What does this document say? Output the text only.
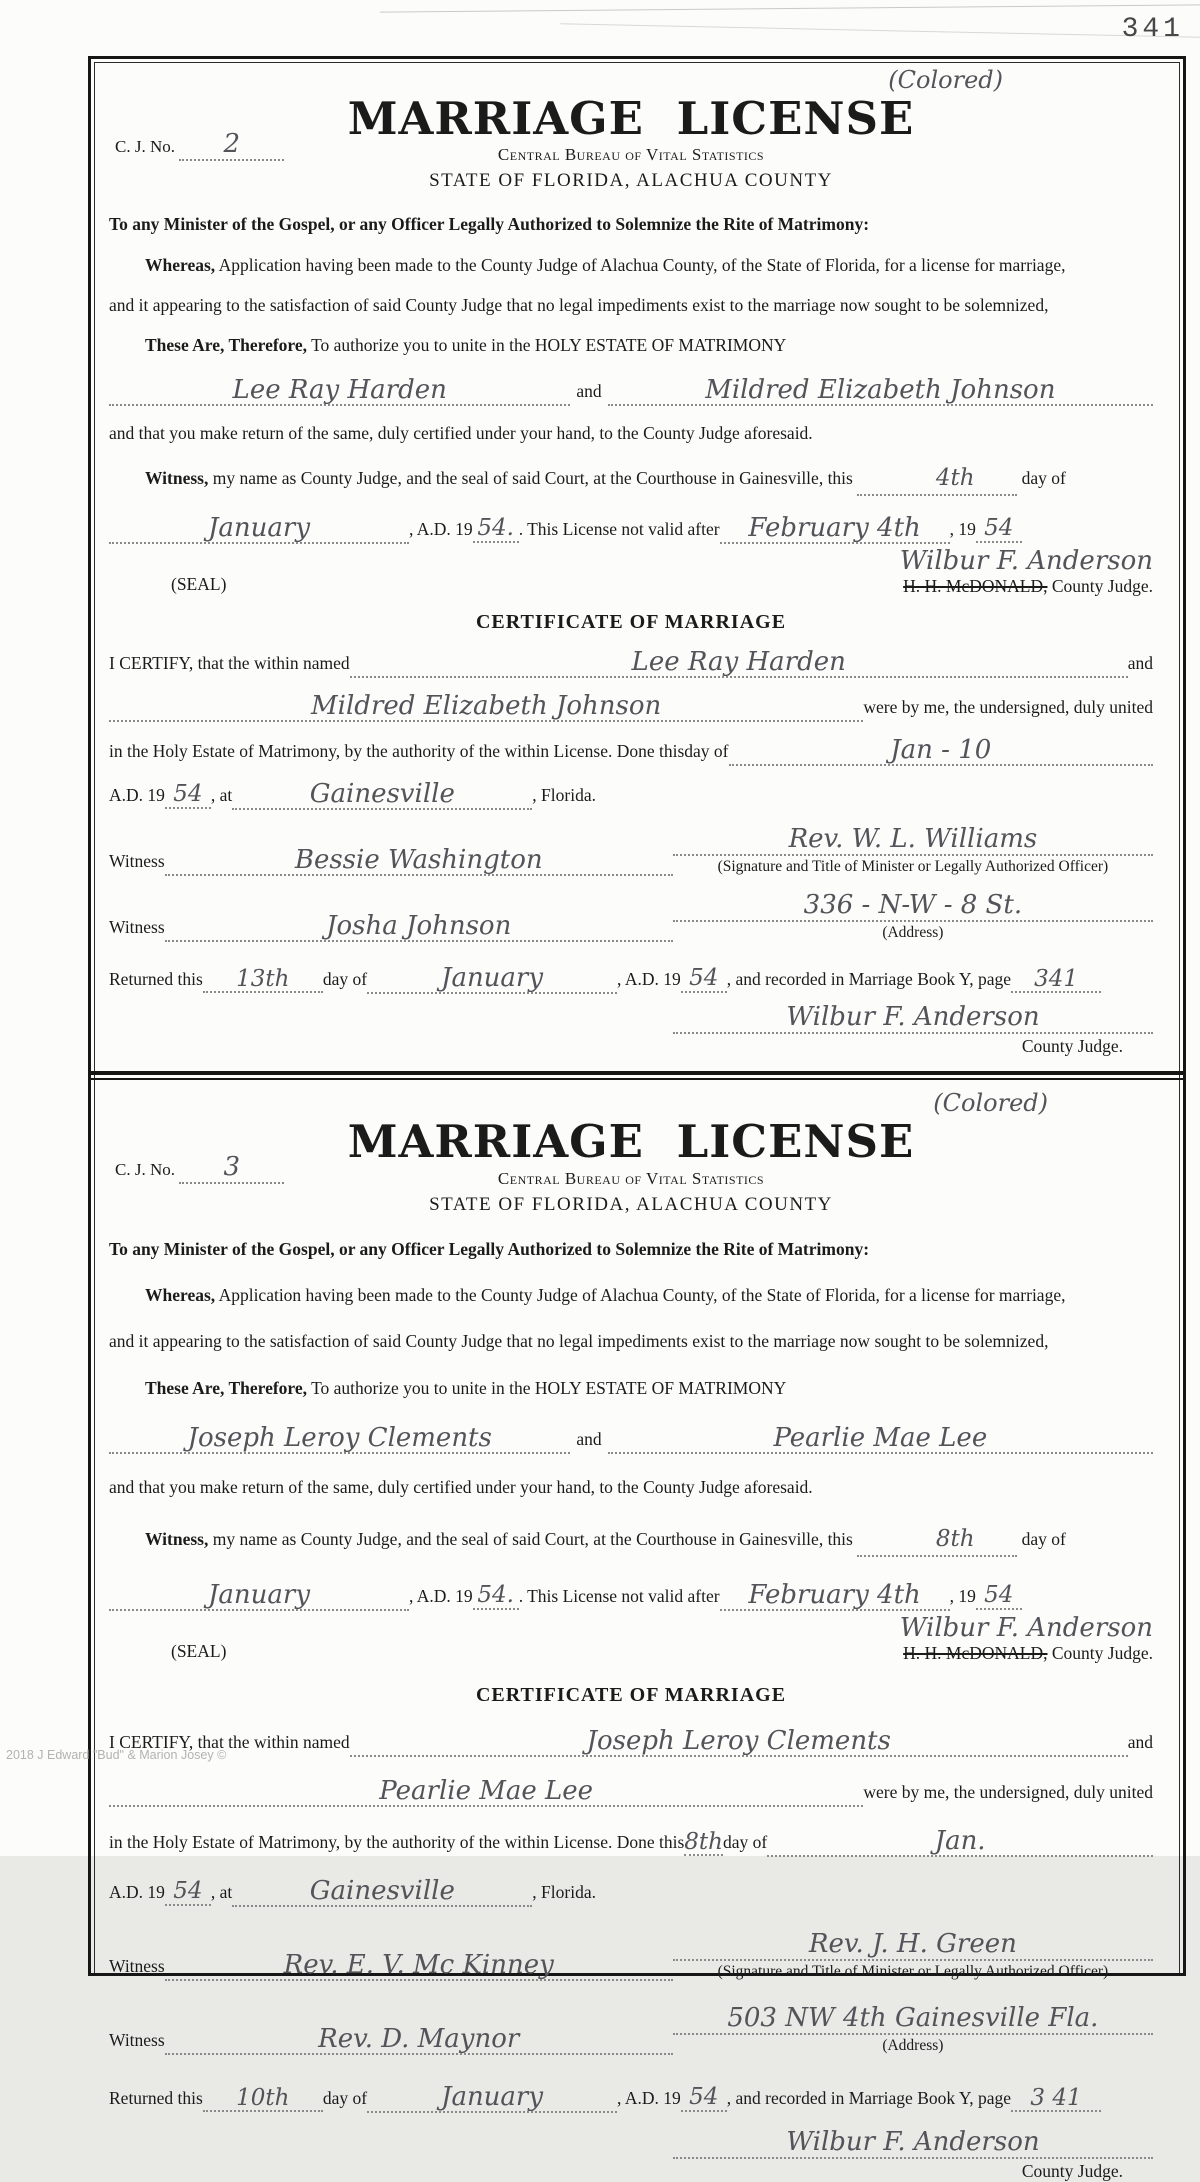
341
2018 J Edward "Bud" & Marion Josey ©
(Colored)
C. J. No. 2	MARRIAGE LICENSE
Central Bureau of Vital Statistics
STATE OF FLORIDA, ALACHUA COUNTY

To any Minister of the Gospel, or any Officer Legally Authorized to Solemnize the Rite of Matrimony:

Whereas, Application having been made to the County Judge of Alachua County, of the State of Florida, for a license for marriage,

and it appearing to the satisfaction of said County Judge that no legal impediments exist to the marriage now sought to be solemnized,

These Are, Therefore, To authorize you to unite in the HOLY ESTATE OF MATRIMONY

Lee Ray Harden	and	Mildred Elizabeth Johnson

and that you make return of the same, duly certified under your hand, to the County Judge aforesaid.

Witness, my name as County Judge, and the seal of said Court, at the Courthouse in Gainesville, this	4th	day of

January	, A.D. 19 54. . This License not valid after	February 4th	, 19 54
(SEAL)
Wilbur F. Anderson
H. H. McDONALD, County Judge.
CERTIFICATE OF MARRIAGE
I CERTIFY, that the within named	Lee Ray Harden	and
Mildred Elizabeth Johnson	were by me, the undersigned, duly united
in the Holy Estate of Matrimony, by the authority of the within License. Done this day of	Jan - 10
A.D. 19 54 , at	Gainesville	, Florida.
Witness	Bessie Washington
Rev. W. L. Williams
(Signature and Title of Minister or Legally Authorized Officer)
Witness	Josha Johnson
336 - N-W - 8 St.
(Address)
Returned this	13th	day of	January	, A.D. 19 54 , and recorded in Marriage Book Y, page	341
Wilbur F. Anderson
County Judge.
(Colored)
C. J. No. 3	MARRIAGE LICENSE
Central Bureau of Vital Statistics
STATE OF FLORIDA, ALACHUA COUNTY

To any Minister of the Gospel, or any Officer Legally Authorized to Solemnize the Rite of Matrimony:

Whereas, Application having been made to the County Judge of Alachua County, of the State of Florida, for a license for marriage,

and it appearing to the satisfaction of said County Judge that no legal impediments exist to the marriage now sought to be solemnized,

These Are, Therefore, To authorize you to unite in the HOLY ESTATE OF MATRIMONY

Joseph Leroy Clements	and	Pearlie Mae Lee

and that you make return of the same, duly certified under your hand, to the County Judge aforesaid.

Witness, my name as County Judge, and the seal of said Court, at the Courthouse in Gainesville, this	8th	day of

January	, A.D. 19 54. . This License not valid after	February 4th	, 19 54
(SEAL)
Wilbur F. Anderson
H. H. McDONALD, County Judge.
CERTIFICATE OF MARRIAGE
I CERTIFY, that the within named	Joseph Leroy Clements	and
Pearlie Mae Lee	were by me, the undersigned, duly united
in the Holy Estate of Matrimony, by the authority of the within License. Done this 8th day of	Jan.
A.D. 19 54 , at	Gainesville	, Florida.
Witness	Rev. E. V. Mc Kinney
Rev. J. H. Green
(Signature and Title of Minister or Legally Authorized Officer)
Witness	Rev. D. Maynor
503 NW 4th Gainesville Fla.
(Address)
Returned this	10th	day of	January	, A.D. 19 54 , and recorded in Marriage Book Y, page 3 41
Wilbur F. Anderson
County Judge.
